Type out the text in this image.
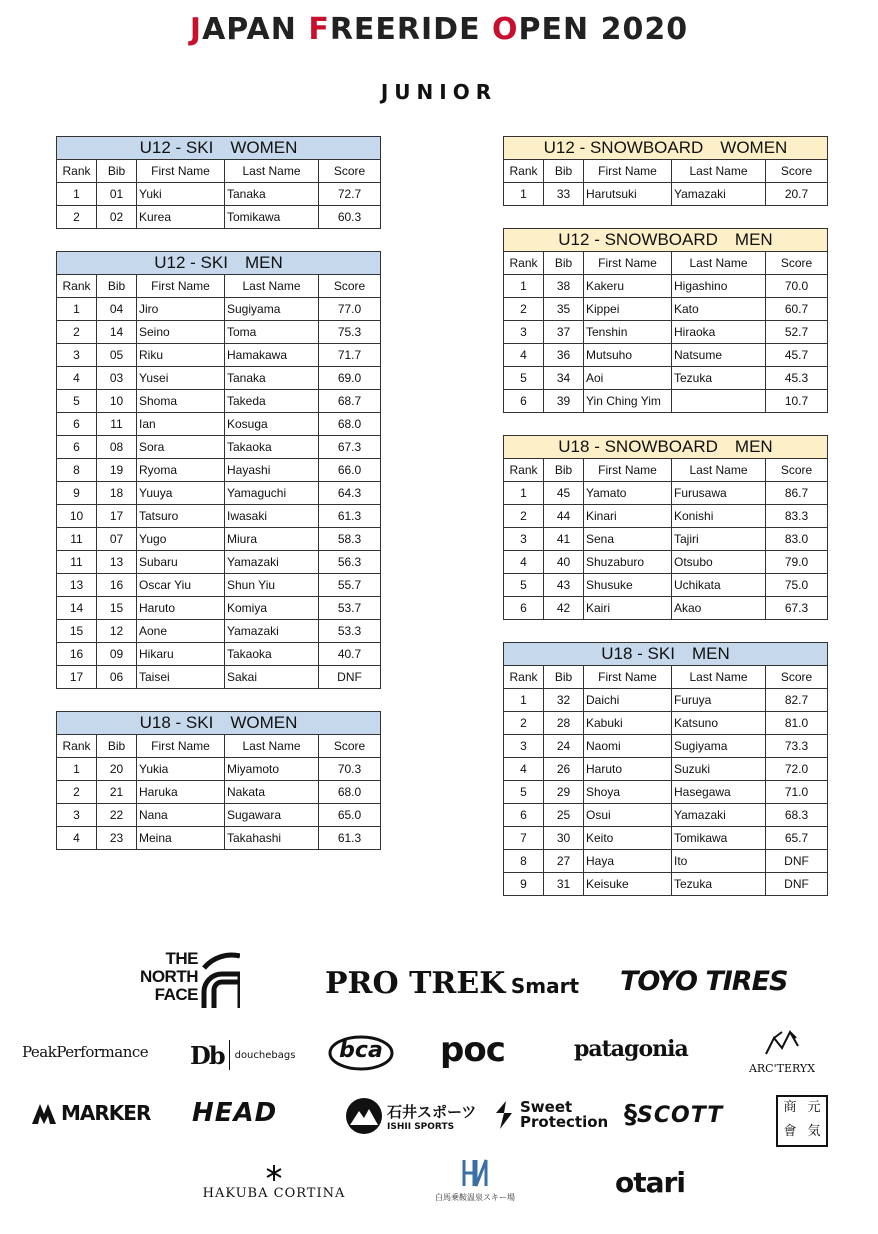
JAPAN FREERIDE OPEN 2020
JUNIOR
U12 - SKI　WOMEN
Rank	Bib	First Name	Last Name	Score
1	01	Yuki	Tanaka	72.7
2	02	Kurea	Tomikawa	60.3
U12 - SKI　MEN
Rank	Bib	First Name	Last Name	Score
1	04	Jiro	Sugiyama	77.0
2	14	Seino	Toma	75.3
3	05	Riku	Hamakawa	71.7
4	03	Yusei	Tanaka	69.0
5	10	Shoma	Takeda	68.7
6	11	Ian	Kosuga	68.0
6	08	Sora	Takaoka	67.3
8	19	Ryoma	Hayashi	66.0
9	18	Yuuya	Yamaguchi	64.3
10	17	Tatsuro	Iwasaki	61.3
11	07	Yugo	Miura	58.3
11	13	Subaru	Yamazaki	56.3
13	16	Oscar Yiu	Shun Yiu	55.7
14	15	Haruto	Komiya	53.7
15	12	Aone	Yamazaki	53.3
16	09	Hikaru	Takaoka	40.7
17	06	Taisei	Sakai	DNF
U18 - SKI　WOMEN
Rank	Bib	First Name	Last Name	Score
1	20	Yukia	Miyamoto	70.3
2	21	Haruka	Nakata	68.0
3	22	Nana	Sugawara	65.0
4	23	Meina	Takahashi	61.3
U12 - SNOWBOARD　WOMEN
Rank	Bib	First Name	Last Name	Score
1	33	Harutsuki	Yamazaki	20.7
U12 - SNOWBOARD　MEN
Rank	Bib	First Name	Last Name	Score
1	38	Kakeru	Higashino	70.0
2	35	Kippei	Kato	60.7
3	37	Tenshin	Hiraoka	52.7
4	36	Mutsuho	Natsume	45.7
5	34	Aoi	Tezuka	45.3
6	39	Yin Ching Yim		10.7
U18 - SNOWBOARD　MEN
Rank	Bib	First Name	Last Name	Score
1	45	Yamato	Furusawa	86.7
2	44	Kinari	Konishi	83.3
3	41	Sena	Tajiri	83.0
4	40	Shuzaburo	Otsubo	79.0
5	43	Shusuke	Uchikata	75.0
6	42	Kairi	Akao	67.3
U18 - SKI　MEN
Rank	Bib	First Name	Last Name	Score
1	32	Daichi	Furuya	82.7
2	28	Kabuki	Katsuno	81.0
3	24	Naomi	Sugiyama	73.3
4	26	Haruto	Suzuki	72.0
5	29	Shoya	Hasegawa	71.0
6	25	Osui	Yamazaki	68.3
7	30	Keito	Tomikawa	65.7
8	27	Haya	Ito	DNF
9	31	Keisuke	Tezuka	DNF
THE
NORTH
FACE	PRO TREK Smart TOYO TIRES
PeakPerformance Db douchebags	bca	poc	patagonia
ARC'TERYX
MARKER HEAD	石井スポーツ
ISHII SPORTS
Sweet
Protection § SCOTT	商 元
會 気
HAKUBA CORTINA	白馬乗鞍温泉スキー場	otari
